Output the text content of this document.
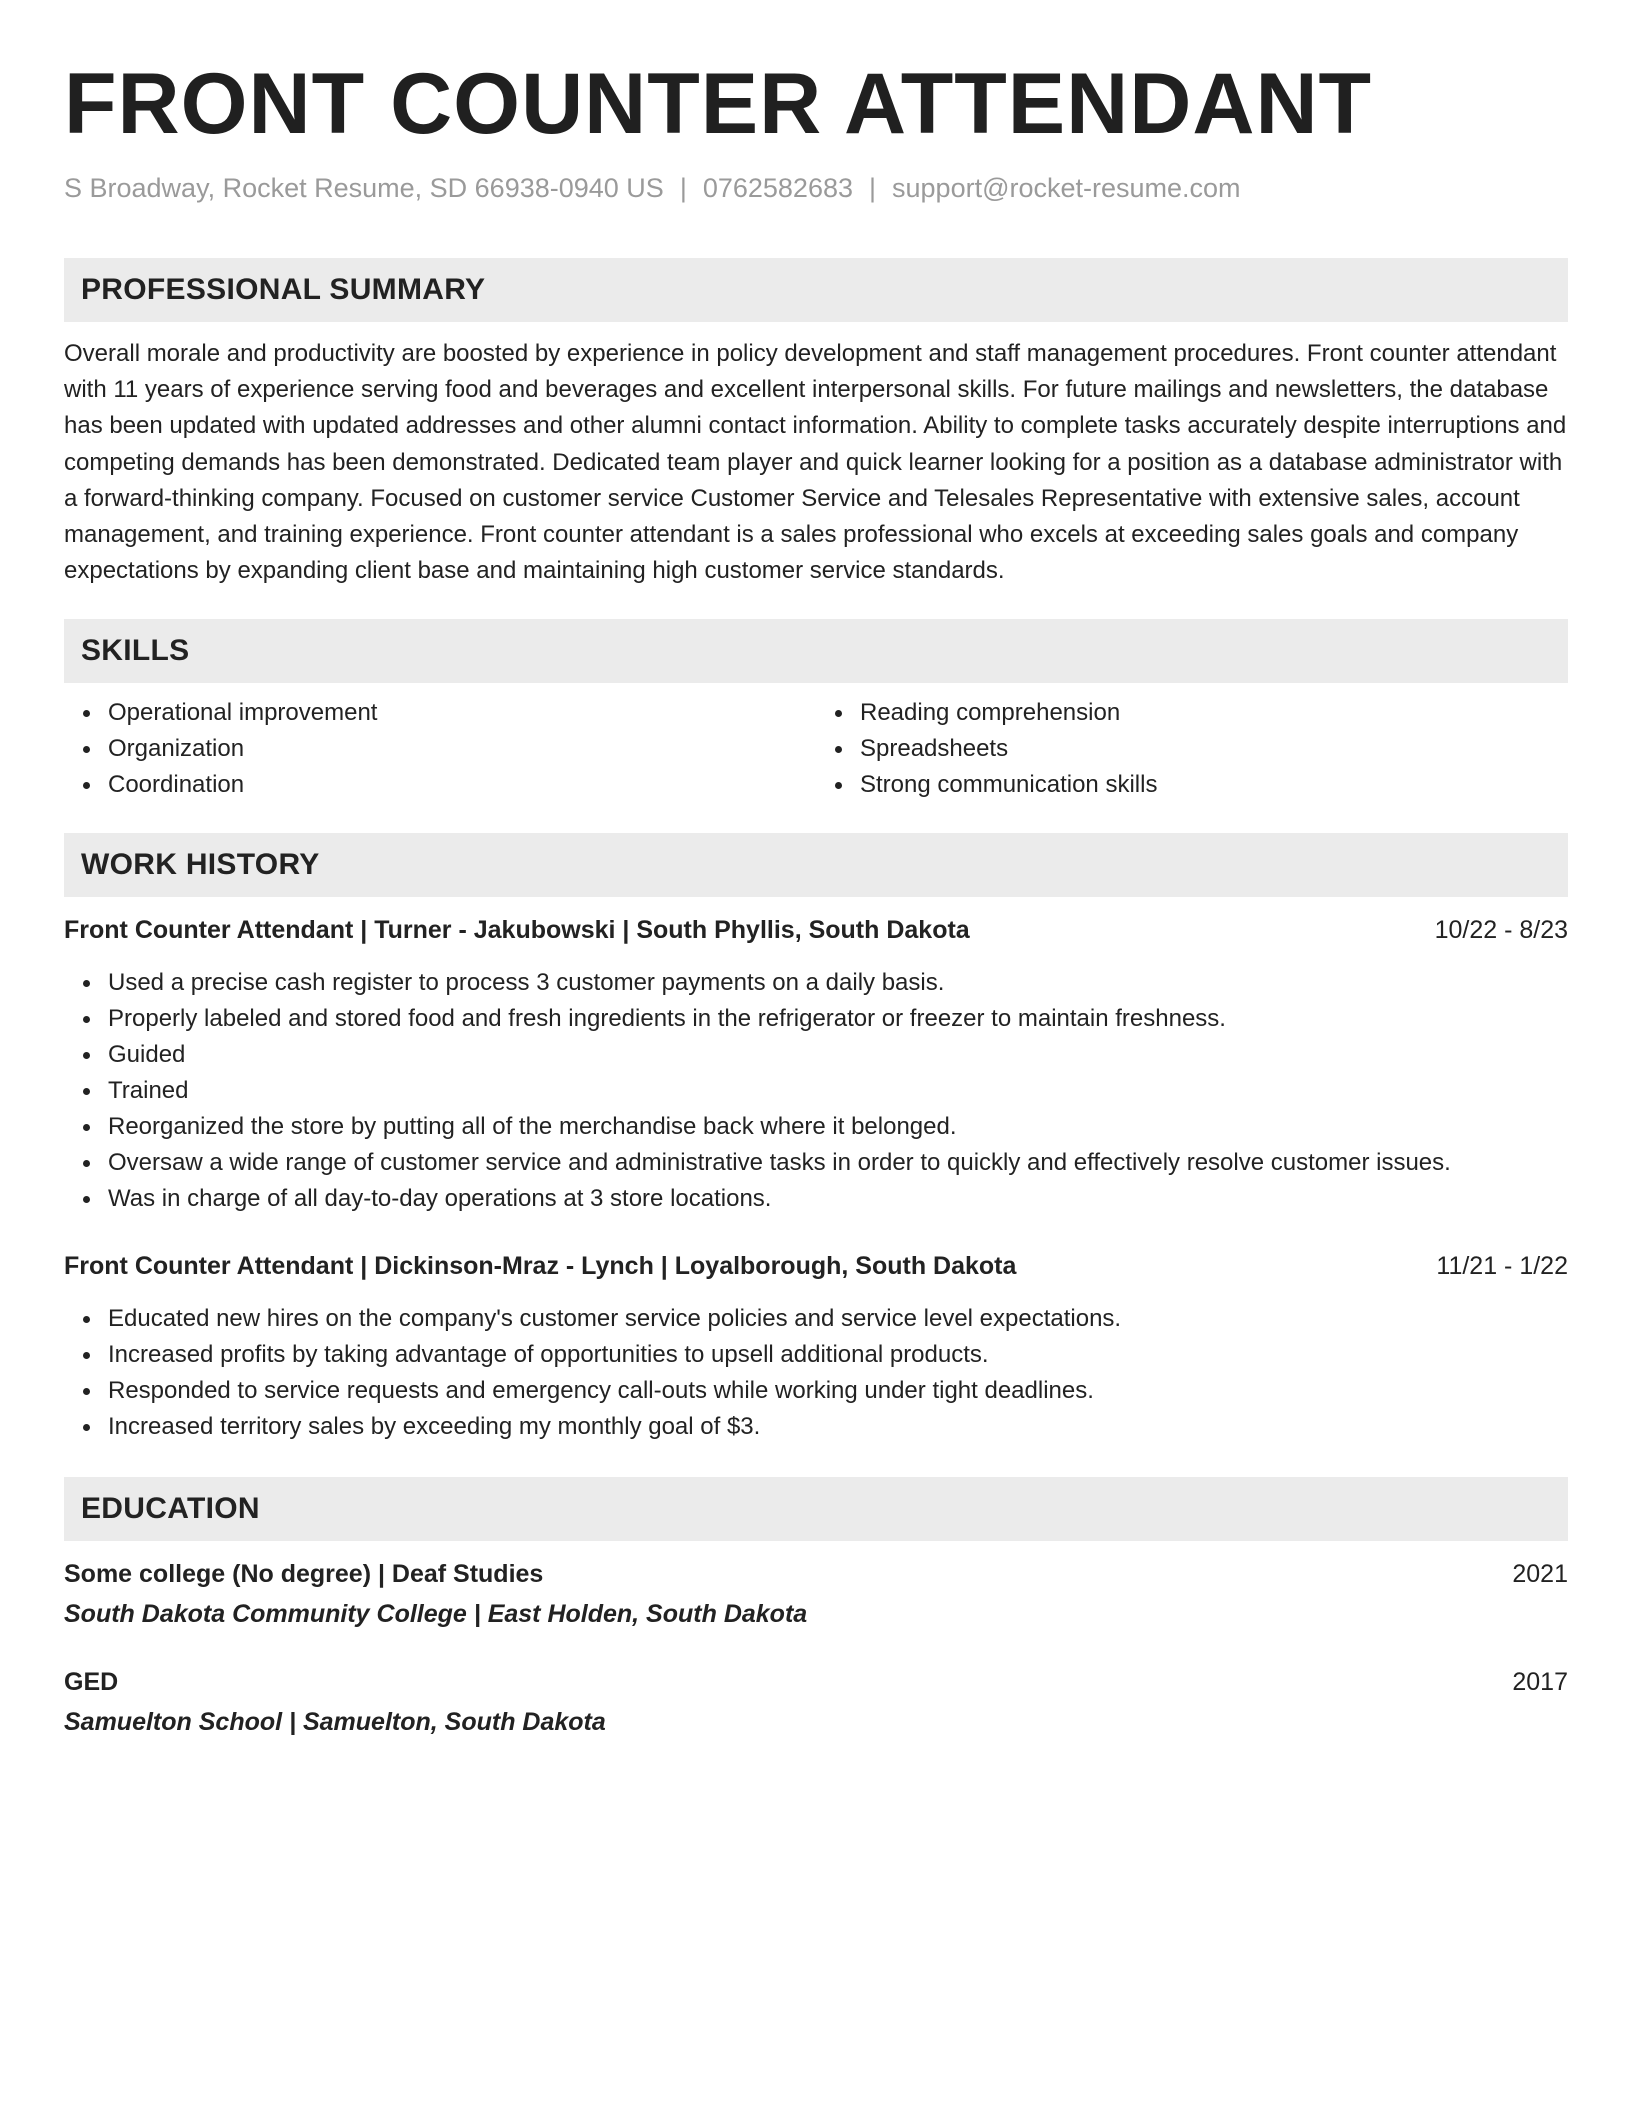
FRONT COUNTER ATTENDANT
S Broadway, Rocket Resume, SD 66938-0940 US | 0762582683 | support@rocket-resume.com
PROFESSIONAL SUMMARY
Overall morale and productivity are boosted by experience in policy development and staff management procedures. Front counter attendant with 11 years of experience serving food and beverages and excellent interpersonal skills. For future mailings and newsletters, the database has been updated with updated addresses and other alumni contact information. Ability to complete tasks accurately despite interruptions and competing demands has been demonstrated. Dedicated team player and quick learner looking for a position as a database administrator with a forward-thinking company. Focused on customer service Customer Service and Telesales Representative with extensive sales, account management, and training experience. Front counter attendant is a sales professional who excels at exceeding sales goals and company expectations by expanding client base and maintaining high customer service standards.
SKILLS
Operational improvement
Organization
Coordination
Reading comprehension
Spreadsheets
Strong communication skills
WORK HISTORY
Front Counter Attendant | Turner - Jakubowski | South Phyllis, South Dakota	10/22 - 8/23
Used a precise cash register to process 3 customer payments on a daily basis.
Properly labeled and stored food and fresh ingredients in the refrigerator or freezer to maintain freshness.
Guided
Trained
Reorganized the store by putting all of the merchandise back where it belonged.
Oversaw a wide range of customer service and administrative tasks in order to quickly and effectively resolve customer issues.
Was in charge of all day-to-day operations at 3 store locations.
Front Counter Attendant | Dickinson-Mraz - Lynch | Loyalborough, South Dakota	11/21 - 1/22
Educated new hires on the company's customer service policies and service level expectations.
Increased profits by taking advantage of opportunities to upsell additional products.
Responded to service requests and emergency call-outs while working under tight deadlines.
Increased territory sales by exceeding my monthly goal of $3.
EDUCATION
Some college (No degree) | Deaf Studies	2021
South Dakota Community College | East Holden, South Dakota
GED	2017
Samuelton School | Samuelton, South Dakota
